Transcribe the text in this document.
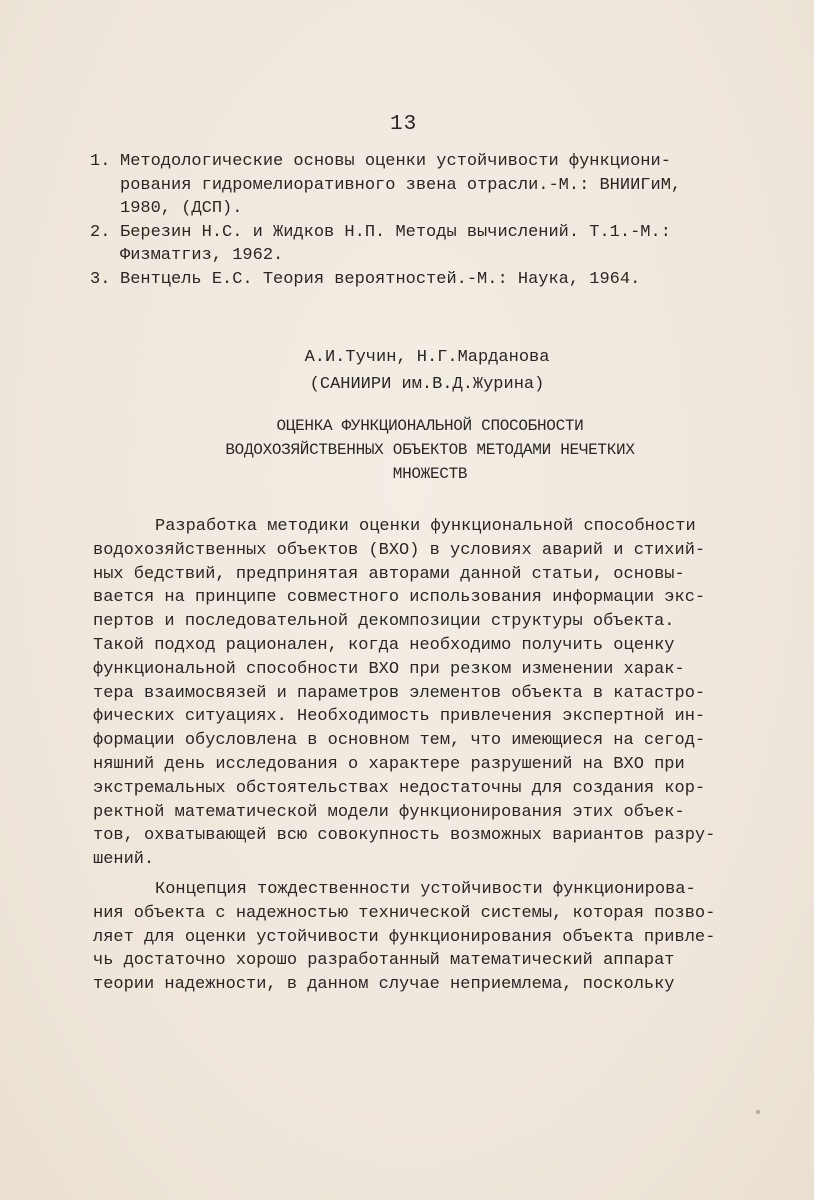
13
1. Методологические основы оценки устойчивости функциони-
рования гидромелиоративного звена отрасли.-М.: ВНИИГиМ,
1980, (ДСП).
2. Березин Н.С. и Жидков Н.П. Методы вычислений. Т.1.-М.:
Физматгиз, 1962.
3. Вентцель Е.С. Теория вероятностей.-М.: Наука, 1964.
А.И.Тучин, Н.Г.Марданова
(САНИИРИ им.В.Д.Журина)
ОЦЕНКА ФУНКЦИОНАЛЬНОЙ СПОСОБНОСТИ
ВОДОХОЗЯЙСТВЕННЫХ ОБЪЕКТОВ МЕТОДАМИ НЕЧЕТКИХ
МНОЖЕСТВ
Разработка методики оценки функциональной способности
водохозяйственных объектов (ВХО) в условиях аварий и стихий-
ных бедствий, предпринятая авторами данной статьи, основы-
вается на принципе совместного использования информации экс-
пертов и последовательной декомпозиции структуры объекта.
Такой подход рационален, когда необходимо получить оценку
функциональной способности ВХО при резком изменении харак-
тера взаимосвязей и параметров элементов объекта в катастро-
фических ситуациях. Необходимость привлечения экспертной ин-
формации обусловлена в основном тем, что имеющиеся на сегод-
няшний день исследования о характере разрушений на ВХО при
экстремальных обстоятельствах недостаточны для создания кор-
ректной математической модели функционирования этих объек-
тов, охватывающей всю совокупность возможных вариантов разру-
шений.
Концепция тождественности устойчивости функционирова-
ния объекта с надежностью технической системы, которая позво-
ляет для оценки устойчивости функционирования объекта привле-
чь достаточно хорошо разработанный математический аппарат
теории надежности, в данном случае неприемлема, поскольку
